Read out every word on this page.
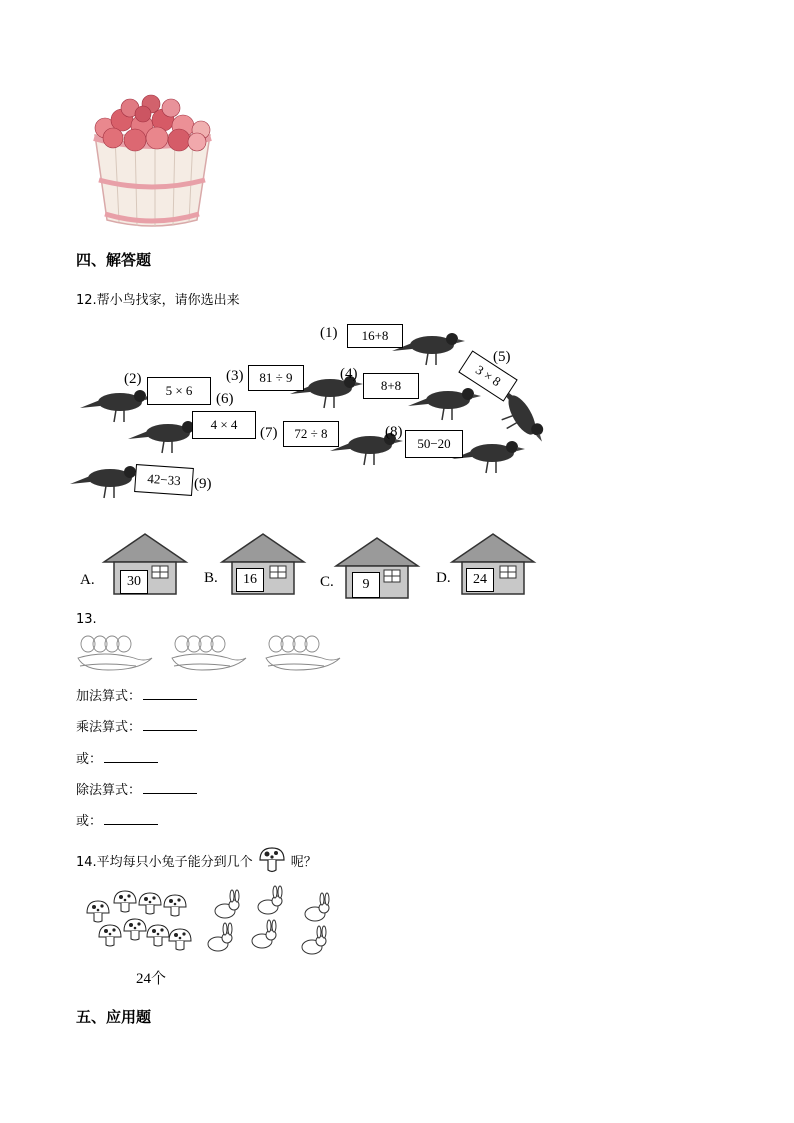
四、解答题
12.帮小鸟找家，请你选出来
(1)	16+8
(2)
5 × 6
(3)	81 ÷ 9	(4)
8+8
(5)
3 × 8
(6)
4 × 4
(7)	72 ÷ 8	(8)
50−20
42−33 (9)
A.	30	B.	16	C.	9	D.	24
13.
加法算式：
乘法算式：
或：
除法算式：
或：
14.平均每只小兔子能分到几个	呢？
24个
五、应用题
